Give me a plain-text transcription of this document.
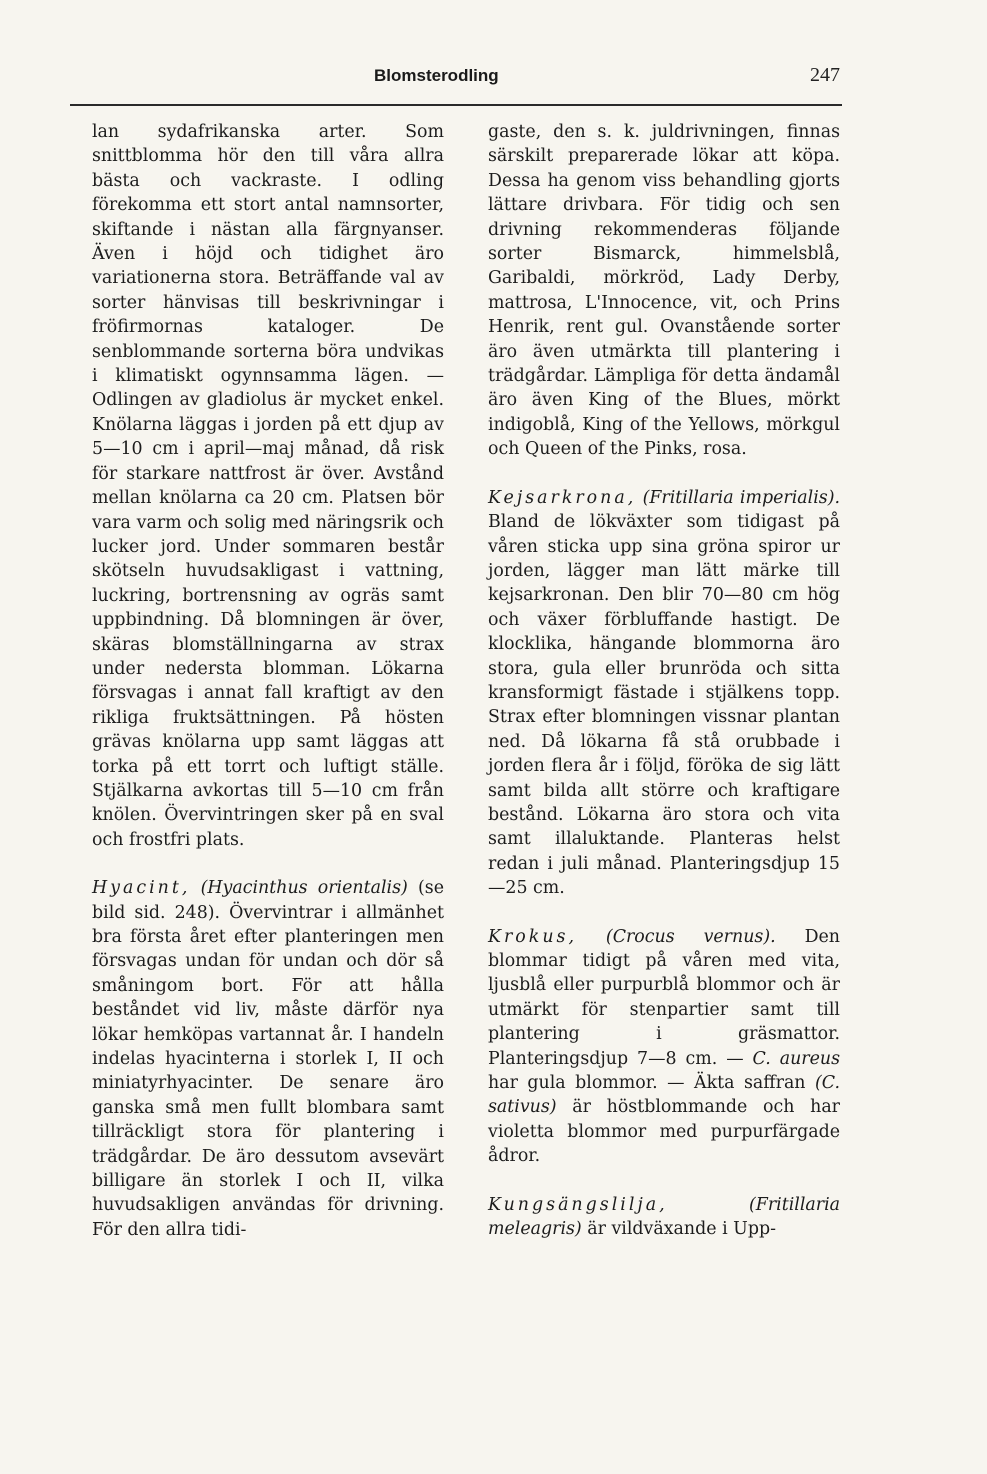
Blomsterodling	247

lan sydafrikanska arter. Som snittblomma hör den till våra allra bästa och vackraste. I odling förekomma ett stort antal namnsorter, skiftande i nästan alla färgnyanser. Även i höjd och tidighet äro variationerna stora. Beträffande val av sorter hänvisas till beskrivningar i fröfirmornas kataloger. De senblommande sorterna böra undvikas i klimatiskt ogynnsamma lägen. — Odlingen av gladiolus är mycket enkel. Knölarna läggas i jorden på ett djup av 5—10 cm i april—maj månad, då risk för starkare nattfrost är över. Avstånd mellan knölarna ca 20 cm. Platsen bör vara varm och solig med näringsrik och lucker jord. Under sommaren består skötseln huvudsakligast i vattning, luckring, bortrensning av ogräs samt uppbindning. Då blomningen är över, skäras blomställningarna av strax under nedersta blomman. Lökarna försvagas i annat fall kraftigt av den rikliga fruktsättningen. På hösten grävas knölarna upp samt läggas att torka på ett torrt och luftigt ställe. Stjälkarna avkortas till 5—10 cm från knölen. Övervintringen sker på en sval och frostfri plats.

Hyacint, (Hyacinthus orientalis) (se bild sid. 248). Övervintrar i allmänhet bra första året efter planteringen men försvagas undan för undan och dör så småningom bort. För att hålla beståndet vid liv, måste därför nya lökar hemköpas vartannat år. I handeln indelas hyacinterna i storlek I, II och miniatyrhyacinter. De senare äro ganska små men fullt blombara samt tillräckligt stora för plantering i trädgårdar. De äro dessutom avsevärt billigare än storlek I och II, vilka huvudsakligen användas för drivning. För den allra tidi-

gaste, den s. k. juldrivningen, finnas särskilt preparerade lökar att köpa. Dessa ha genom viss behandling gjorts lättare drivbara. För tidig och sen drivning rekommenderas följande sorter Bismarck, himmelsblå, Garibaldi, mörkröd, Lady Derby, mattrosa, L'Innocence, vit, och Prins Henrik, rent gul. Ovanstående sorter äro även utmärkta till plantering i trädgårdar. Lämpliga för detta ändamål äro även King of the Blues, mörkt indigoblå, King of the Yellows, mörkgul och Queen of the Pinks, rosa.

Kejsarkrona, (Fritillaria imperialis). Bland de lökväxter som tidigast på våren sticka upp sina gröna spiror ur jorden, lägger man lätt märke till kejsarkronan. Den blir 70—80 cm hög och växer förbluffande hastigt. De klocklika, hängande blommorna äro stora, gula eller brunröda och sitta kransformigt fästade i stjälkens topp. Strax efter blomningen vissnar plantan ned. Då lökarna få stå orubbade i jorden flera år i följd, föröka de sig lätt samt bilda allt större och kraftigare bestånd. Lökarna äro stora och vita samt illaluktande. Planteras helst redan i juli månad. Planteringsdjup 15—25 cm.

Krokus, (Crocus vernus). Den blommar tidigt på våren med vita, ljusblå eller purpurblå blommor och är utmärkt för stenpartier samt till plantering i gräsmattor. Planteringsdjup 7—8 cm. — C. aureus har gula blommor. — Äkta saffran (C. sativus) är höstblommande och har violetta blommor med purpurfärgade ådror.

Kungsängslilja,	(Fritillaria meleagris) är vildväxande i Upp-
